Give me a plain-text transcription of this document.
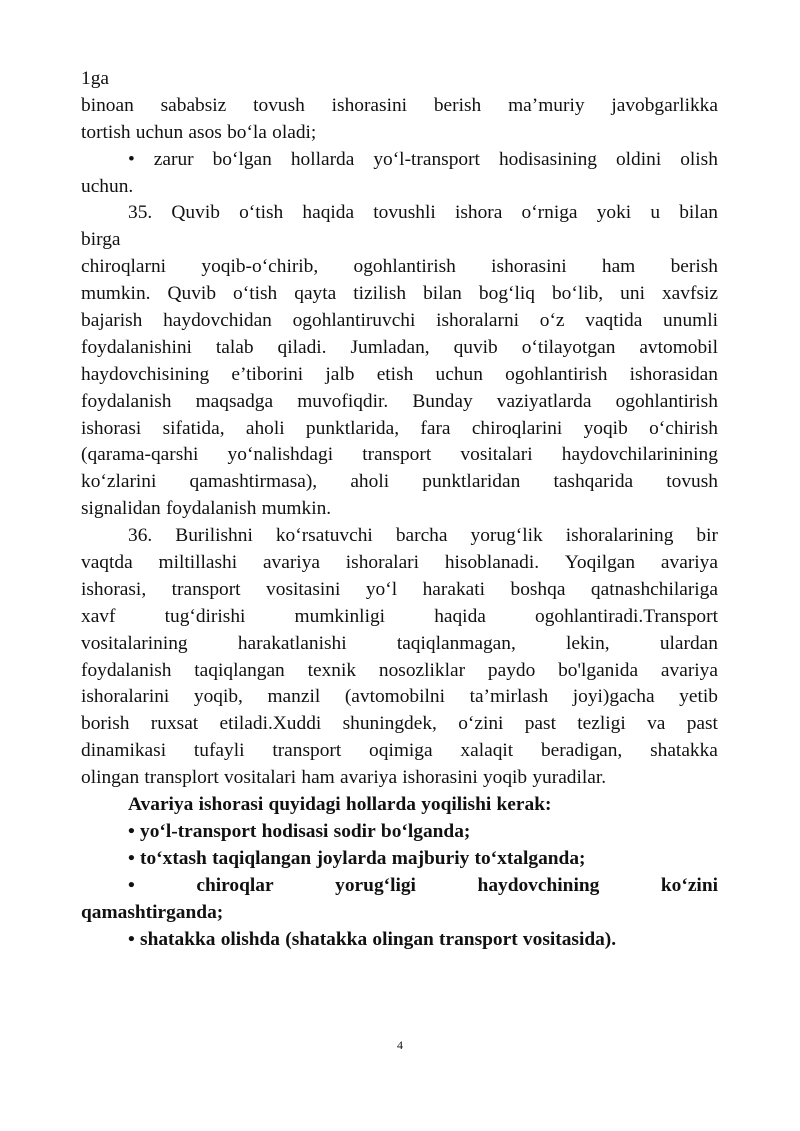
1ga
binoan sababsiz tovush ishorasini berish ma’muriy javobgarlikka
tortish uchun asos bo‘la oladi;
• zarur bo‘lgan hollarda yo‘l-transport hodisasining oldini olish
uchun.
35. Quvib o‘tish haqida tovushli ishora o‘rniga yoki u bilan
birga
chiroqlarni yoqib-o‘chirib, ogohlantirish ishorasini ham berish
mumkin. Quvib o‘tish qayta tizilish bilan bog‘liq bo‘lib, uni xavfsiz
bajarish haydovchidan ogohlantiruvchi ishoralarni o‘z vaqtida unumli
foydalanishini talab qiladi. Jumladan, quvib o‘tilayotgan avtomobil
haydovchisining e’tiborini jalb etish uchun ogohlantirish ishorasidan
foydalanish maqsadga muvofiqdir. Bunday vaziyatlarda ogohlantirish
ishorasi sifatida, aholi punktlarida, fara chiroqlarini yoqib o‘chirish
(qarama-qarshi yo‘nalishdagi transport vositalari haydovchilarinining
ko‘zlarini qamashtirmasa), aholi punktlaridan tashqarida tovush
signalidan foydalanish mumkin.
36. Burilishni ko‘rsatuvchi barcha yorug‘lik ishoralarining bir
vaqtda miltillashi avariya ishoralari hisoblanadi. Yoqilgan avariya
ishorasi, transport vositasini yo‘l harakati boshqa qatnashchilariga
xavf	tug‘dirishi	mumkinligi	haqida	ogohlantiradi.Transport
vositalarining	harakatlanishi	taqiqlanmagan,	lekin,	ulardan
foydalanish taqiqlangan texnik nosozliklar paydo bo'lganida avariya
ishoralarini yoqib, manzil (avtomobilni ta’mirlash joyi)gacha yetib
borish ruxsat etiladi.Xuddi shuningdek, o‘zini past tezligi va past
dinamikasi tufayli transport oqimiga xalaqit beradigan, shatakka
olingan transplort vositalari ham avariya ishorasini yoqib yuradilar.
Avariya ishorasi quyidagi hollarda yoqilishi kerak:
• yo‘l-transport hodisasi sodir bo‘lganda;
• to‘xtash taqiqlangan joylarda majburiy to‘xtalganda;
•	chiroqlar	yorug‘ligi	haydovchining	ko‘zini
qamashtirganda;
• shatakka olishda (shatakka olingan transport vositasida).
4
